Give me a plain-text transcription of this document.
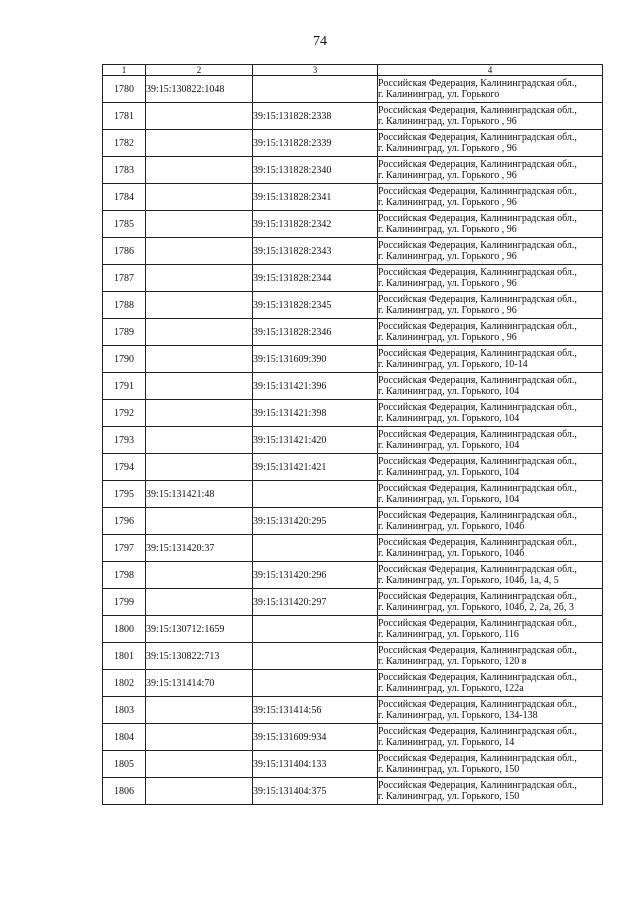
74
1	2	3	4
1780	39:15:130822:1048		Российская Федерация, Калининградская обл.,
г. Калининград, ул. Горького

1781		39:15:131828:2338	Российская Федерация, Калининградская обл.,
г. Калининград, ул. Горького , 96

1782		39:15:131828:2339	Российская Федерация, Калининградская обл.,
г. Калининград, ул. Горького , 96

1783		39:15:131828:2340	Российская Федерация, Калининградская обл.,
г. Калининград, ул. Горького , 96

1784		39:15:131828:2341	Российская Федерация, Калининградская обл.,
г. Калининград, ул. Горького , 96

1785		39:15:131828:2342	Российская Федерация, Калининградская обл.,
г. Калининград, ул. Горького , 96

1786		39:15:131828:2343	Российская Федерация, Калининградская обл.,
г. Калининград, ул. Горького , 96

1787		39:15:131828:2344	Российская Федерация, Калининградская обл.,
г. Калининград, ул. Горького , 96

1788		39:15:131828:2345	Российская Федерация, Калининградская обл.,
г. Калининград, ул. Горького , 96

1789		39:15:131828:2346	Российская Федерация, Калининградская обл.,
г. Калининград, ул. Горького , 96

1790		39:15:131609:390	Российская Федерация, Калининградская обл.,
г. Калининград, ул. Горького, 10-14

1791		39:15:131421:396	Российская Федерация, Калининградская обл.,
г. Калининград, ул. Горького, 104

1792		39:15:131421:398	Российская Федерация, Калининградская обл.,
г. Калининград, ул. Горького, 104

1793		39:15:131421:420	Российская Федерация, Калининградская обл.,
г. Калининград, ул. Горького, 104

1794		39:15:131421:421	Российская Федерация, Калининградская обл.,
г. Калининград, ул. Горького, 104

1795	39:15:131421:48		Российская Федерация, Калининградская обл.,
г. Калининград, ул. Горького, 104

1796		39:15:131420:295	Российская Федерация, Калининградская обл.,
г. Калининград, ул. Горького, 104б

1797	39:15:131420:37		Российская Федерация, Калининградская обл.,
г. Калининград, ул. Горького, 104б

1798		39:15:131420:296	Российская Федерация, Калининградская обл.,
г. Калининград, ул. Горького, 104б, 1а, 4, 5

1799		39:15:131420:297	Российская Федерация, Калининградская обл.,
г. Калининград, ул. Горького, 104б, 2, 2а, 2б, 3

1800	39:15:130712:1659		Российская Федерация, Калининградская обл.,
г. Калининград, ул. Горького, 116

1801	39:15:130822:713		Российская Федерация, Калининградская обл.,
г. Калининград, ул. Горького, 120 в

1802	39:15:131414:70		Российская Федерация, Калининградская обл.,
г. Калининград, ул. Горького, 122а

1803		39:15:131414:56	Российская Федерация, Калининградская обл.,
г. Калининград, ул. Горького, 134-138

1804		39:15:131609:934	Российская Федерация, Калининградская обл.,
г. Калининград, ул. Горького, 14

1805		39:15:131404:133	Российская Федерация, Калининградская обл.,
г. Калининград, ул. Горького, 150

1806		39:15:131404:375	Российская Федерация, Калининградская обл.,
г. Калининград, ул. Горького, 150
